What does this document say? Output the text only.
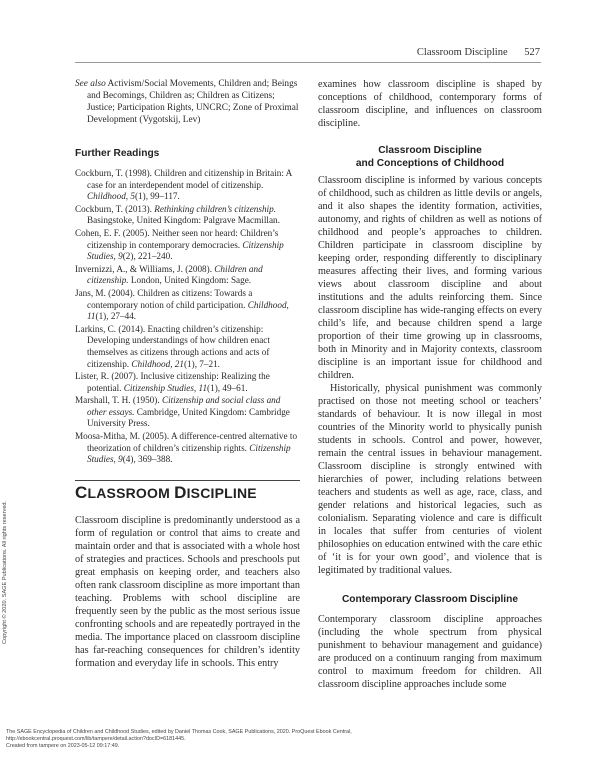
Classroom Discipline 527

See also Activism/Social Movements, Children and; Beings and Becomings, Children as; Children as Citizens; Justice; Participation Rights, UNCRC; Zone of Proximal Development (Vygotskij, Lev)

Further Readings

Cockburn, T. (1998). Children and citizenship in Britain: A case for an interdependent model of citizenship. Childhood, 5(1), 99–117.

Cockburn, T. (2013). Rethinking children’s citizenship. Basingstoke, United Kingdom: Palgrave Macmillan.

Cohen, E. F. (2005). Neither seen nor heard: Children’s citizenship in contemporary democracies. Citizenship Studies, 9(2), 221–240.

Invernizzi, A., & Williams, J. (2008). Children and citizenship. London, United Kingdom: Sage.

Jans, M. (2004). Children as citizens: Towards a contemporary notion of child participation. Childhood, 11(1), 27–44.

Larkins, C. (2014). Enacting children’s citizenship: Developing understandings of how children enact themselves as citizens through actions and acts of citizenship. Childhood, 21(1), 7–21.

Lister, R. (2007). Inclusive citizenship: Realizing the potential. Citizenship Studies, 11(1), 49–61.

Marshall, T. H. (1950). Citizenship and social class and other essays. Cambridge, United Kingdom: Cambridge University Press.

Moosa-Mitha, M. (2005). A difference-centred alternative to theorization of children’s citizenship rights. Citizenship Studies, 9(4), 369–388.

CLASSROOM DISCIPLINE

Classroom discipline is predominantly understood as a form of regulation or control that aims to create and maintain order and that is associated with a whole host of strategies and practices. Schools and preschools put great emphasis on keeping order, and teachers also often rank classroom discipline as more important than teaching. Problems with school discipline are frequently seen by the public as the most serious issue confronting schools and are repeatedly portrayed in the media. The importance placed on classroom discipline has far-reaching consequences for children’s identity formation and everyday life in schools. This entry

examines how classroom discipline is shaped by conceptions of childhood, contemporary forms of classroom discipline, and influences on classroom discipline.

Classroom Discipline
and Conceptions of Childhood

Classroom discipline is informed by various concepts of childhood, such as children as little devils or angels, and it also shapes the identity formation, activities, autonomy, and rights of children as well as notions of childhood and people’s approaches to children. Children participate in classroom discipline by keeping order, responding differently to disciplinary measures affecting their lives, and forming various views about classroom discipline and about institutions and the adults reinforcing them. Since classroom discipline has wide-ranging effects on every child’s life, and because children spend a large proportion of their time growing up in classrooms, both in Minority and in Majority contexts, classroom discipline is an important issue for childhood and children.

Historically, physical punishment was commonly practised on those not meeting school or teachers’ standards of behaviour. It is now illegal in most countries of the Minority world to physically punish students in schools. Control and power, however, remain the central issues in behaviour management. Classroom discipline is strongly entwined with hierarchies of power, including relations between teachers and students as well as age, race, class, and gender relations and historical legacies, such as colonialism. Separating violence and care is difficult in locales that suffer from centuries of violent philosophies on education entwined with the care ethic of ‘it is for your own good’, and violence that is legitimated by traditional values.

Contemporary Classroom Discipline

Contemporary classroom discipline approaches (including the whole spectrum from physical punishment to behaviour management and guidance) are produced on a continuum ranging from maximum control to maximum freedom for children. All classroom discipline approaches include some

Copyright © 2020. SAGE Publications. All rights reserved.
The SAGE Encyclopedia of Children and Childhood Studies, edited by Daniel Thomas Cook, SAGE Publications, 2020. ProQuest Ebook Central,
http://ebookcentral.proquest.com/lib/tampere/detail.action?docID=6181445.
Created from tampere on 2023-05-12 09:17:49.
